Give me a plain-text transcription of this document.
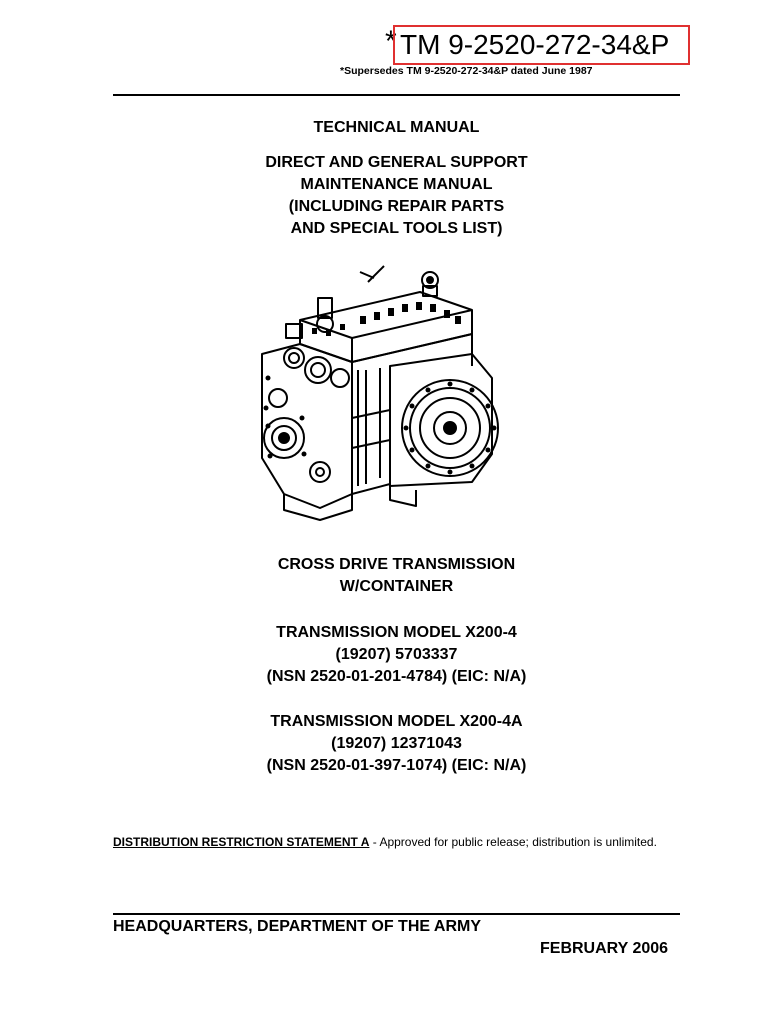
* TM 9-2520-272-34&P
*Supersedes TM 9-2520-272-34&P dated June 1987
TECHNICAL MANUAL
DIRECT AND GENERAL SUPPORT
MAINTENANCE MANUAL
(INCLUDING REPAIR PARTS
AND SPECIAL TOOLS LIST)
CROSS DRIVE TRANSMISSION
W/CONTAINER
TRANSMISSION MODEL X200-4
(19207) 5703337
(NSN 2520-01-201-4784) (EIC: N/A)
TRANSMISSION MODEL X200-4A
(19207) 12371043
(NSN 2520-01-397-1074) (EIC: N/A)
DISTRIBUTION RESTRICTION STATEMENT A - Approved for public release; distribution is unlimited.
HEADQUARTERS, DEPARTMENT OF THE ARMY
FEBRUARY 2006
